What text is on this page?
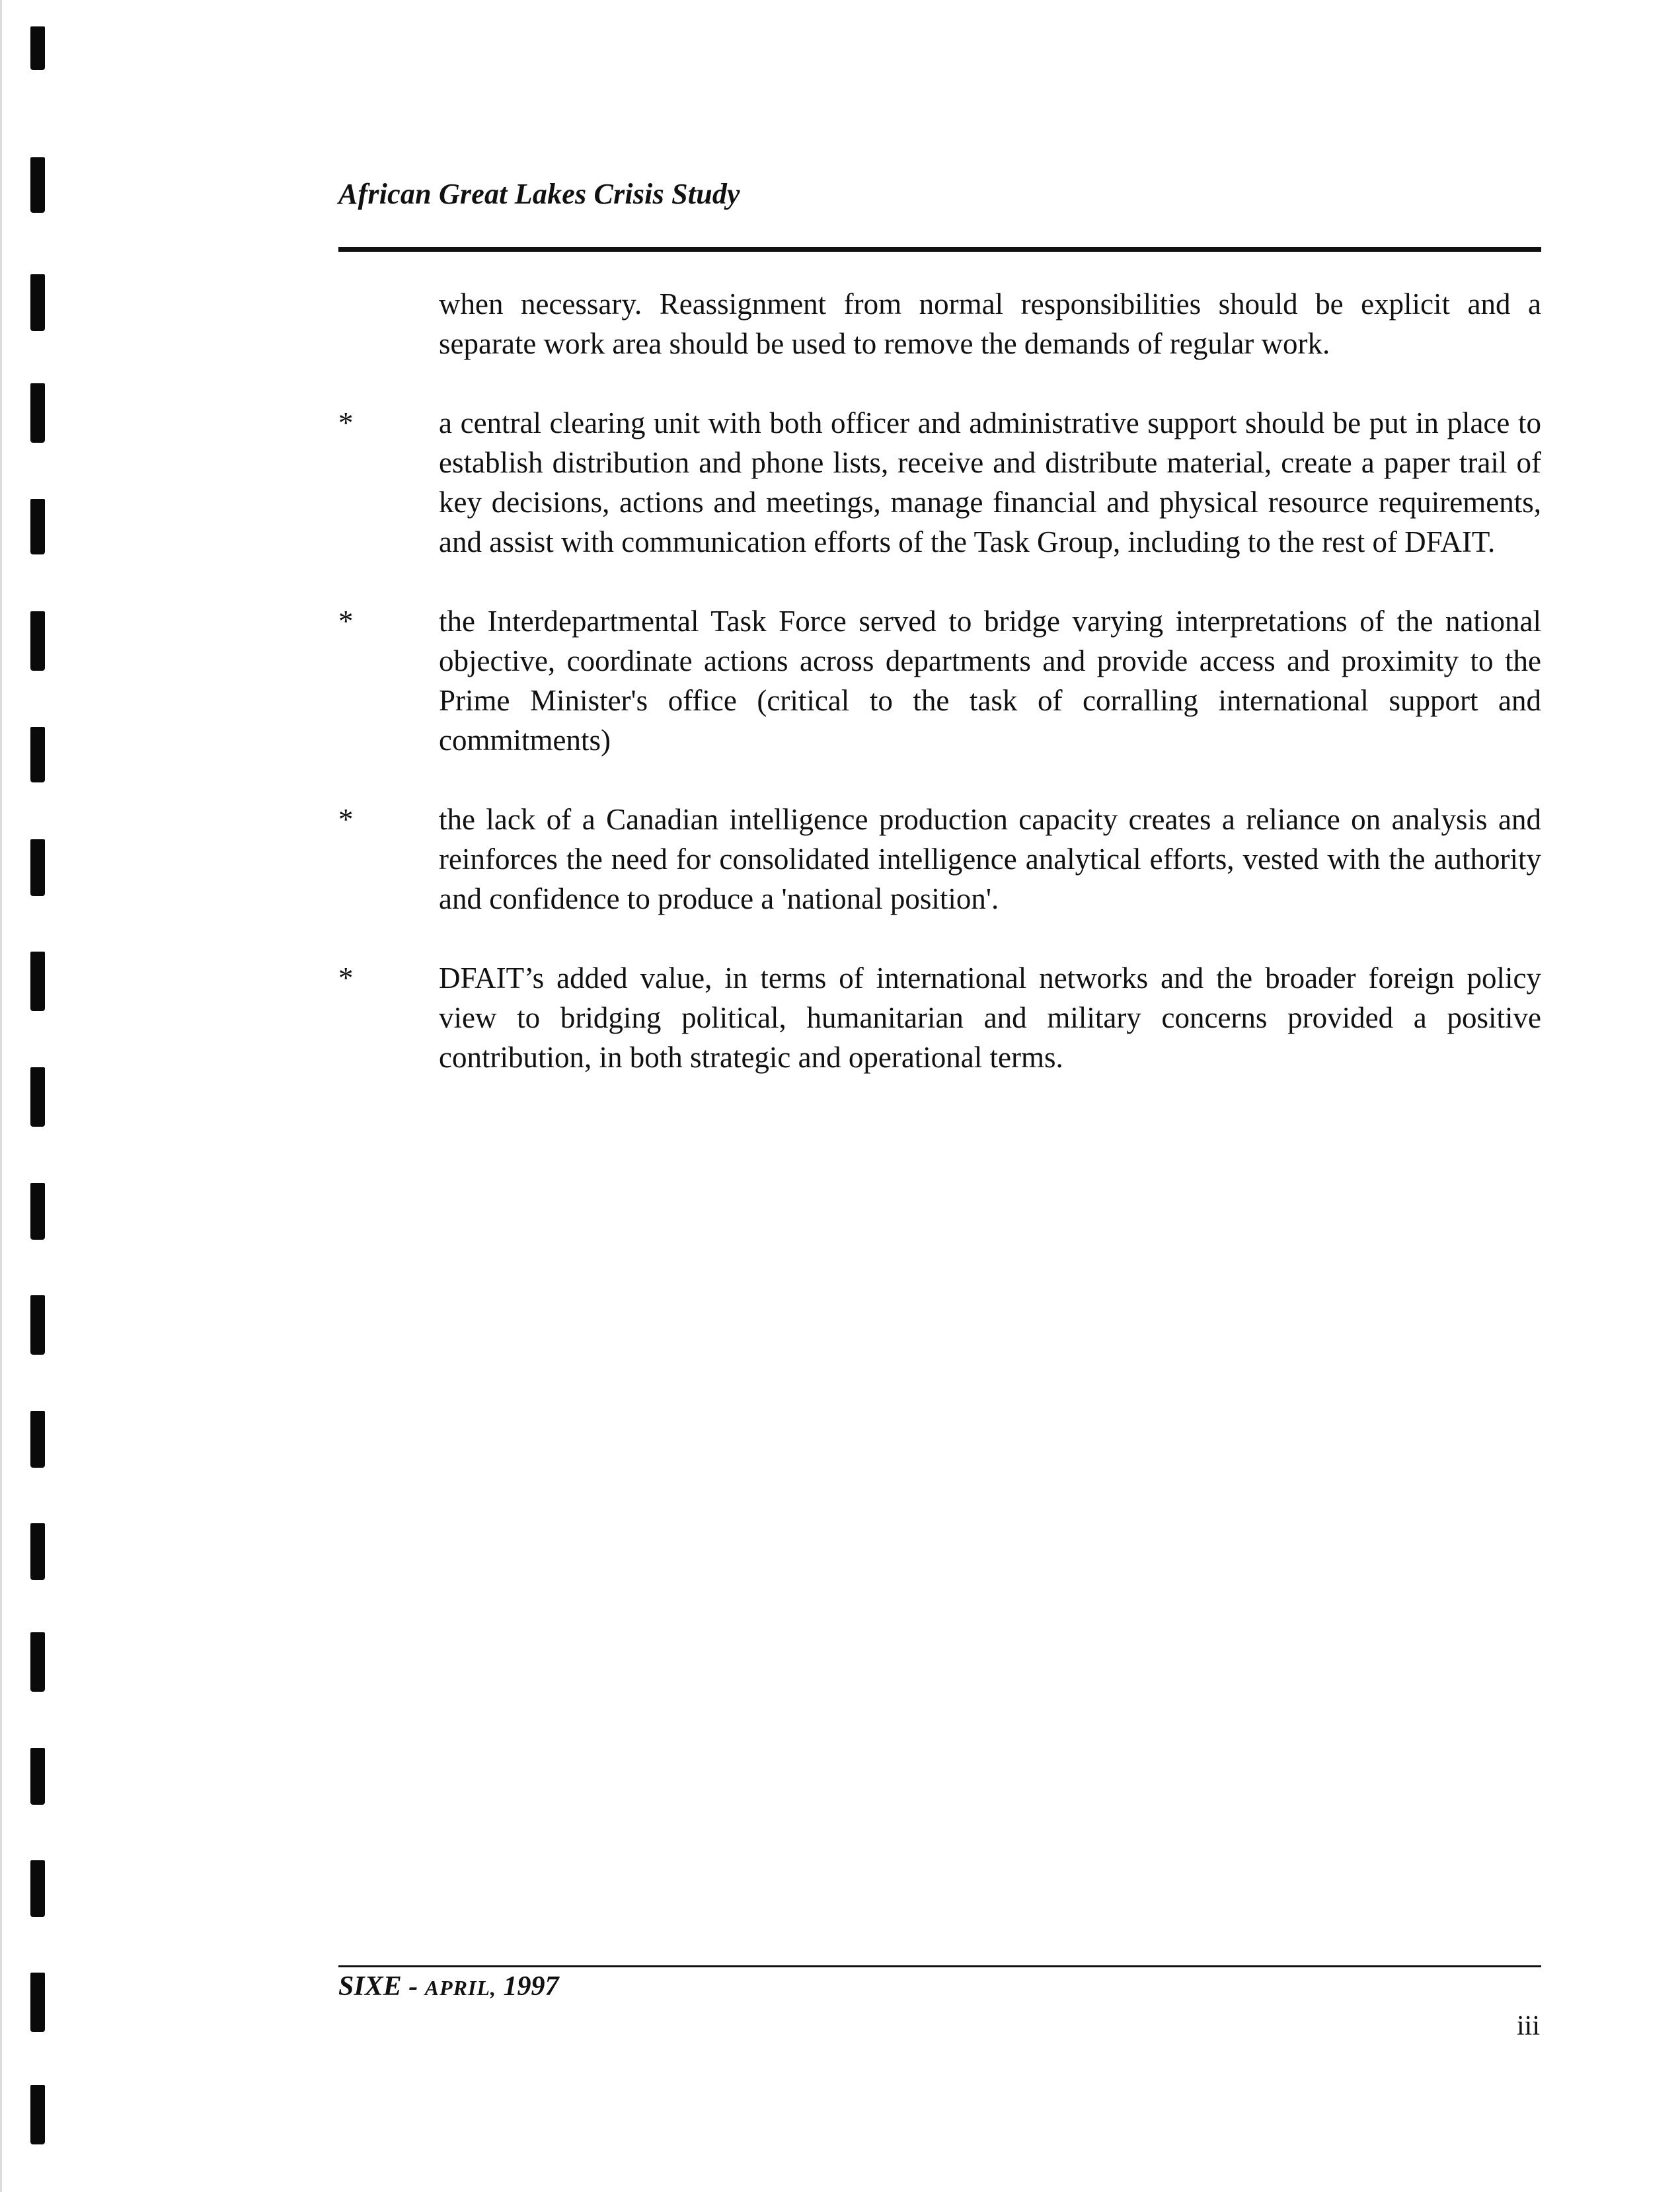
African Great Lakes Crisis Study

when necessary. Reassignment from normal responsibilities should be explicit and a separate work area should be used to remove the demands of regular work.

*	a central clearing unit with both officer and administrative support should be put in place to establish distribution and phone lists, receive and distribute material, create a paper trail of key decisions, actions and meetings, manage financial and physical resource requirements, and assist with communication efforts of the Task Group, including to the rest of DFAIT.
*	the Interdepartmental Task Force served to bridge varying interpretations of the national objective, coordinate actions across departments and provide access and proximity to the Prime Minister's office (critical to the task of corralling international support and commitments)
*	the lack of a Canadian intelligence production capacity creates a reliance on analysis and reinforces the need for consolidated intelligence analytical efforts, vested with the authority and confidence to produce a 'national position'.
*	DFAIT’s added value, in terms of international networks and the broader foreign policy view to bridging political, humanitarian and military concerns provided a positive contribution, in both strategic and operational terms.
SIXE - APRIL, 1997
iii
